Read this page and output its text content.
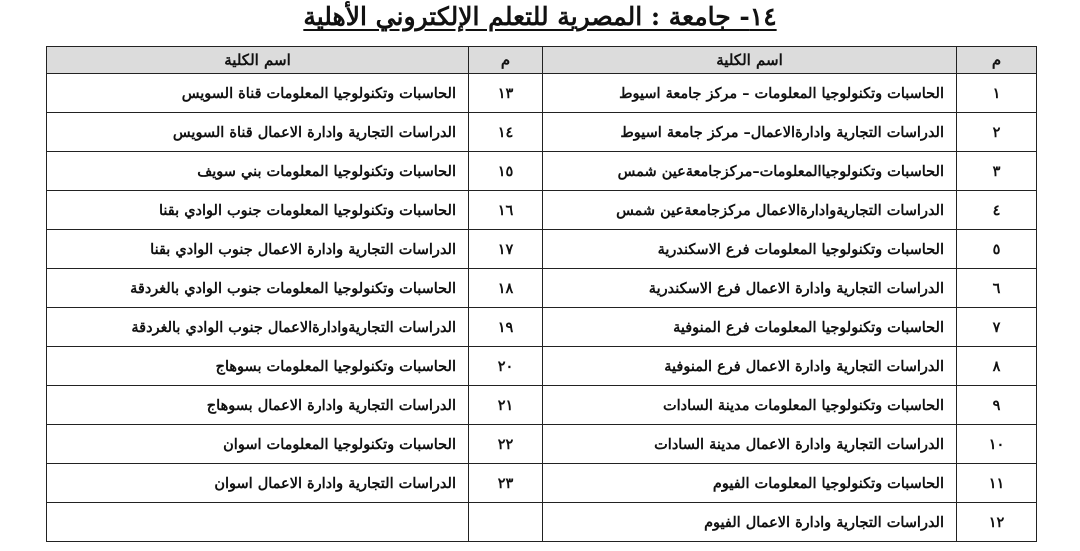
١٤- جامعة : المصرية للتعلم الإلكتروني الأهلية
م	اسم الكلية	م	اسم الكلية
١	الحاسبات وتكنولوجيا المعلومات – مركز جامعة اسيوط	١٣	الحاسبات وتكنولوجيا المعلومات قناة السويس
٢	الدراسات التجارية وادارةالاعمال– مركز جامعة اسيوط	١٤	الدراسات التجارية وادارة الاعمال قناة السويس
٣	الحاسبات وتكنولوجياالمعلومات–مركزجامعةعين شمس	١٥	الحاسبات وتكنولوجيا المعلومات بني سويف
٤	الدراسات التجاريةوادارةالاعمال مركزجامعةعين شمس	١٦	الحاسبات وتكنولوجيا المعلومات جنوب الوادي بقنا
٥	الحاسبات وتكنولوجيا المعلومات فرع الاسكندرية	١٧	الدراسات التجارية وادارة الاعمال جنوب الوادي بقنا
٦	الدراسات التجارية وادارة الاعمال فرع الاسكندرية	١٨	الحاسبات وتكنولوجيا المعلومات جنوب الوادي بالغردقة
٧	الحاسبات وتكنولوجيا المعلومات فرع المنوفية	١٩	الدراسات التجاريةوادارةالاعمال جنوب الوادي بالغردقة
٨	الدراسات التجارية وادارة الاعمال فرع المنوفية	٢٠	الحاسبات وتكنولوجيا المعلومات بسوهاج
٩	الحاسبات وتكنولوجيا المعلومات مدينة السادات	٢١	الدراسات التجارية وادارة الاعمال بسوهاج
١٠	الدراسات التجارية وادارة الاعمال مدينة السادات	٢٢	الحاسبات وتكنولوجيا المعلومات اسوان
١١	الحاسبات وتكنولوجيا المعلومات الفيوم	٢٣	الدراسات التجارية وادارة الاعمال اسوان
١٢	الدراسات التجارية وادارة الاعمال الفيوم		
